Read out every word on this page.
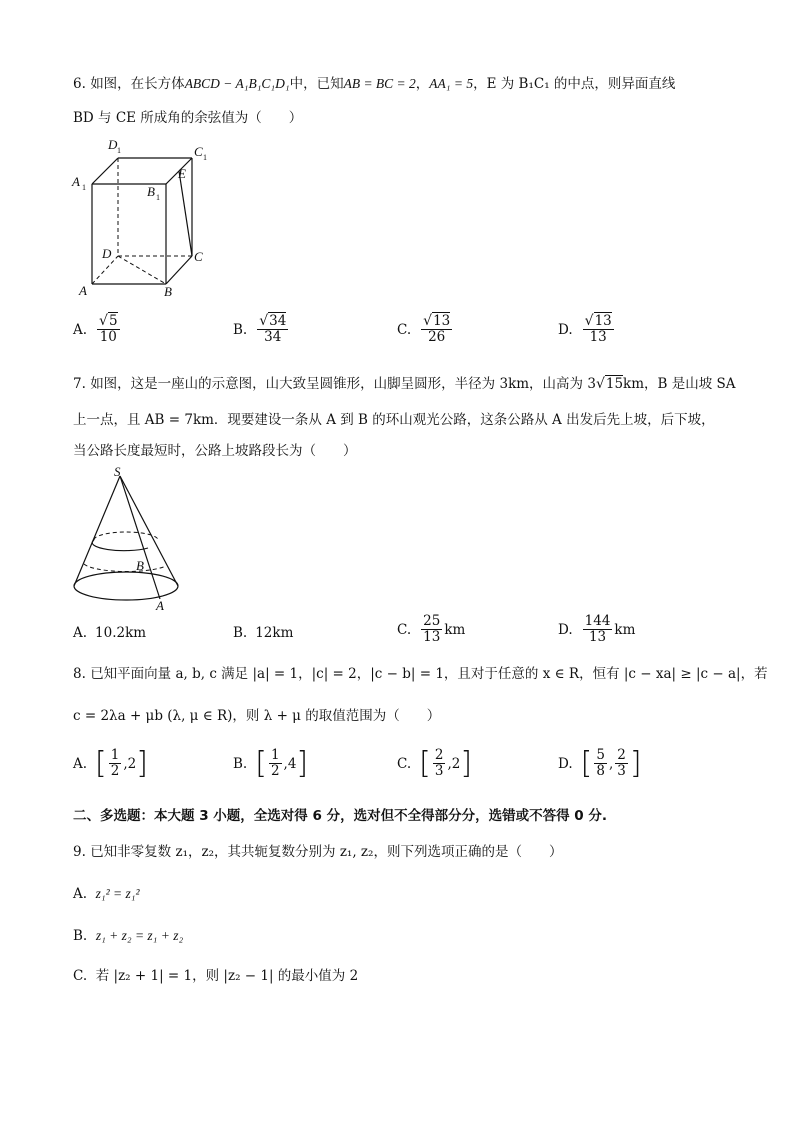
6. 如图，在长方体ABCD − A₁B₁C₁D₁中，已知AB = BC = 2，AA₁ = 5，E 为 B₁C₁ 的中点，则异面直线
BD 与 CE 所成角的余弦值为（　　）
D 1	C 1
A 1	B 1
E
D	C
A	B
A. $\frac{√5}{10}$	B. $\frac{√34}{34}$	C. $\frac{√13}{26}$	D. $\frac{√13}{13}$
7. 如图，这是一座山的示意图，山大致呈圆锥形，山脚呈圆形，半径为 3km，山高为 3√15km，B 是山坡 SA
上一点，且 AB = 7km．现要建设一条从 A 到 B 的环山观光公路，这条公路从 A 出发后先上坡，后下坡，
当公路长度最短时，公路上坡路段长为（　　）
S
B
A
A. 10.2km	B. 12km	C. $\frac{25}{13}$ km	D. $\frac{144}{13}$ km
8. 已知平面向量 a, b, c 满足 |a| = 1，|c| = 2，|c − b| = 1，且对于任意的 x ∈ R，恒有 |c − xa| ≥ |c − a|，若
c = 2λa + μb (λ, μ ∈ R)，则 λ + μ 的取值范围为（　　）
A. [ $\frac{1}{2}$ , 2 ]	B. [ $\frac{1}{2}$ , 4 ]	C. [ $\frac{2}{3}$ , 2 ]	D. [ $\frac{5}{8}$ , $\frac{2}{3}$ ]
二、多选题：本大题 3 小题，全选对得 6 分，选对但不全得部分分，选错或不答得 0 分.
9. 已知非零复数 z₁，z₂，其共轭复数分别为 z₁, z₂，则下列选项正确的是（　　）
A. z₁² = z₁²
B. z₁ + z₂ = z₁ + z₂
C. 若 |z₂ + 1| = 1，则 |z₂ − 1| 的最小值为 2
